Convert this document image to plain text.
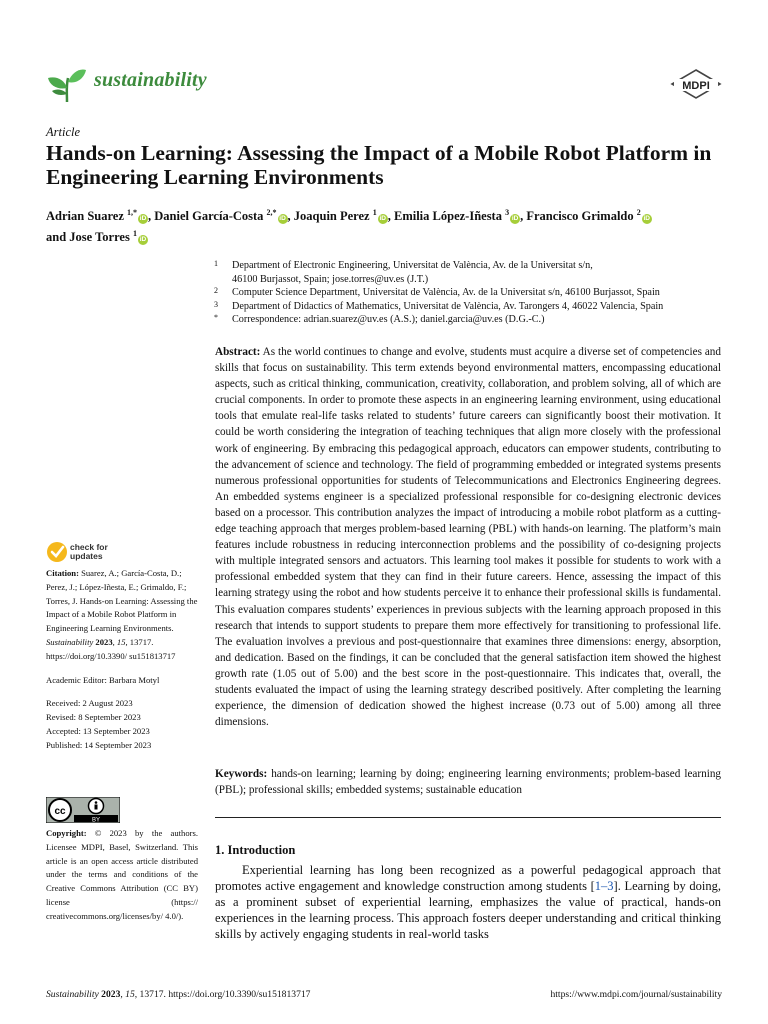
sustainability	MDPI
Article
Hands-on Learning: Assessing the Impact of a Mobile Robot Platform in Engineering Learning Environments
Adrian Suarez $^{1,*}$iD , Daniel García-Costa $^{2,*}$iD , Joaquin Perez $^1$iD , Emilia López-Iñesta $^3$iD , Francisco Grimaldo $^2$iD
and Jose Torres $^1$iD
1 Department of Electronic Engineering, Universitat de València, Av. de la Universitat s/n,
46100 Burjassot, Spain; jose.torres@uv.es (J.T.)
2 Computer Science Department, Universitat de València, Av. de la Universitat s/n, 46100 Burjassot, Spain
3 Department of Didactics of Mathematics, Universitat de València, Av. Tarongers 4, 46022 Valencia, Spain
* Correspondence: adrian.suarez@uv.es (A.S.); daniel.garcia@uv.es (D.G.-C.)

Abstract: As the world continues to change and evolve, students must acquire a diverse set of competencies and skills that focus on sustainability. This term extends beyond environmental matters, encompassing educational aspects, such as critical thinking, communication, creativity, collaboration, and problem solving, all of which are crucial components. In order to promote these aspects in an engineering learning environment, using educational tools that emulate real-life tasks related to students’ future careers can significantly boost their motivation. It could be worth considering the integration of teaching techniques that align more closely with the professional work of engineering. By embracing this pedagogical approach, educators can empower students, contributing to the advancement of science and technology. The field of programming embedded or integrated systems presents numerous professional opportunities for students of Telecommunications and Electronics Engineering degrees. An embedded systems engineer is a specialized professional responsible for co-designing electronic devices based on a processor. This contribution analyzes the impact of introducing a mobile robot platform as a cutting-edge teaching approach that merges problem-based learning (PBL) with hands-on learning. The platform’s main features include robustness in reducing interconnection problems and the possibility of co-designing projects with multiple integrated sensors and actuators. This learning tool makes it possible for students to work with a professional embedded system that they can find in their future careers. Hence, assessing the impact of this learning strategy using the robot and how students perceive it to enhance their professional skills is fundamental. This evaluation compares students’ experiences in previous subjects with the learning approach proposed in this research that intends to support students to prepare them more effectively for transitioning to professional life. The evaluation involves a previous and post-questionnaire that examines three dimensions: energy, absorption, and dedication. Based on the findings, it can be concluded that the general satisfaction item showed the highest growth rate (1.05 out of 5.00) and the best score in the post-questionnaire. This indicates that, overall, the students evaluated the impact of using the learning strategy described positively. After completing the learning experience, the dimension of dedication showed the highest increase (0.73 out of 5.00) among all three dimensions.

Keywords: hands-on learning; learning by doing; engineering learning environments; problem-based learning (PBL); professional skills; embedded systems; sustainable education

1. Introduction

Experiential learning has long been recognized as a powerful pedagogical approach that promotes active engagement and knowledge construction among students [1–3]. Learning by doing, as a prominent subset of experiential learning, emphasizes the value of practical, hands-on experiences in the learning process. This approach fosters deeper understanding and critical thinking skills by actively engaging students in real-world tasks

check for
updates

Citation: Suarez, A.; García-Costa, D.; Perez, J.; López-Iñesta, E.; Grimaldo, F.; Torres, J. Hands-on Learning: Assessing the Impact of a Mobile Robot Platform in Engineering Learning Environments. Sustainability 2023, 15, 13717. https://doi.org/10.3390/ su151813717

Academic Editor: Barbara Motyl

Received: 2 August 2023

Revised: 8 September 2023

Accepted: 13 September 2023

Published: 14 September 2023

cc
BY

Copyright: © 2023 by the authors. Licensee MDPI, Basel, Switzerland. This article is an open access article distributed under the terms and conditions of the Creative Commons Attribution (CC BY) license (https:// creativecommons.org/licenses/by/ 4.0/).

Sustainability 2023, 15, 13717. https://doi.org/10.3390/su151813717	https://www.mdpi.com/journal/sustainability
